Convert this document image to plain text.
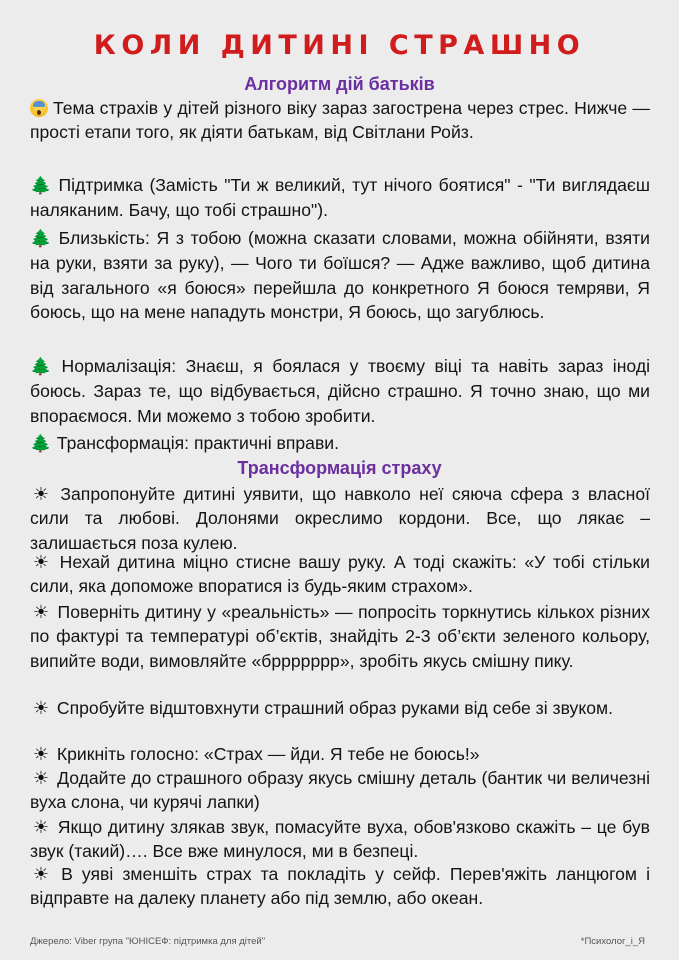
КОЛИ ДИТИНІ СТРАШНО
Алгоритм дій батьків

Тема страхів у дітей різного віку зараз загострена через стрес. Нижче — прості етапи того, як діяти батькам, від Світлани Ройз.

🌲 Підтримка (Замість "Ти ж великий, тут нічого боятися" - "Ти виглядаєш наляканим. Бачу, що тобі страшно").

🌲 Близькість: Я з тобою (можна сказати словами, можна обійняти, взяти на руки, взяти за руку), — Чого ти боїшся? — Адже важливо, щоб дитина від загального «я боюся» перейшла до конкретного Я боюся темряви, Я боюсь, що на мене нападуть монстри, Я боюсь, що загублюсь.

🌲 Нормалізація: Знаєш, я боялася у твоєму віці та навіть зараз іноді боюсь. Зараз те, що відбувається, дійсно страшно. Я точно знаю, що ми впораємося. Ми можемо з тобою зробити.

🌲 Трансформація: практичні вправи.

Трансформація страху

☀ Запропонуйте дитині уявити, що навколо неї сяюча сфера з власної сили та любові. Долонями окреслимо кордони. Все, що лякає – залишається поза кулею.

☀ Нехай дитина міцно стисне вашу руку. А тоді скажіть: «У тобі стільки сили, яка допоможе впоратися із будь-яким страхом».

☀ Поверніть дитину у «реальність» — попросіть торкнутись кількох різних по фактурі та температурі об’єктів, знайдіть 2-3 об’єкти зеленого кольору, випийте води, вимовляйте «бррррррр», зробіть якусь смішну пику.

☀ Спробуйте відштовхнути страшний образ руками від себе зі звуком.

☀ Крикніть голосно: «Страх — йди. Я тебе не боюсь!»

☀ Додайте до страшного образу якусь смішну деталь (бантик чи величезні вуха слона, чи курячі лапки)

☀ Якщо дитину злякав звук, помасуйте вуха, обов'язково скажіть – це був звук (такий)…. Все вже минулося, ми в безпеці.

☀ В уяві зменшіть страх та покладіть у сейф. Перев'яжіть ланцюгом і відправте на далеку планету або під землю, або океан.

Джерело: Viber група "ЮНІСЕФ: підтримка для дітей"	*Психолог_і_Я
